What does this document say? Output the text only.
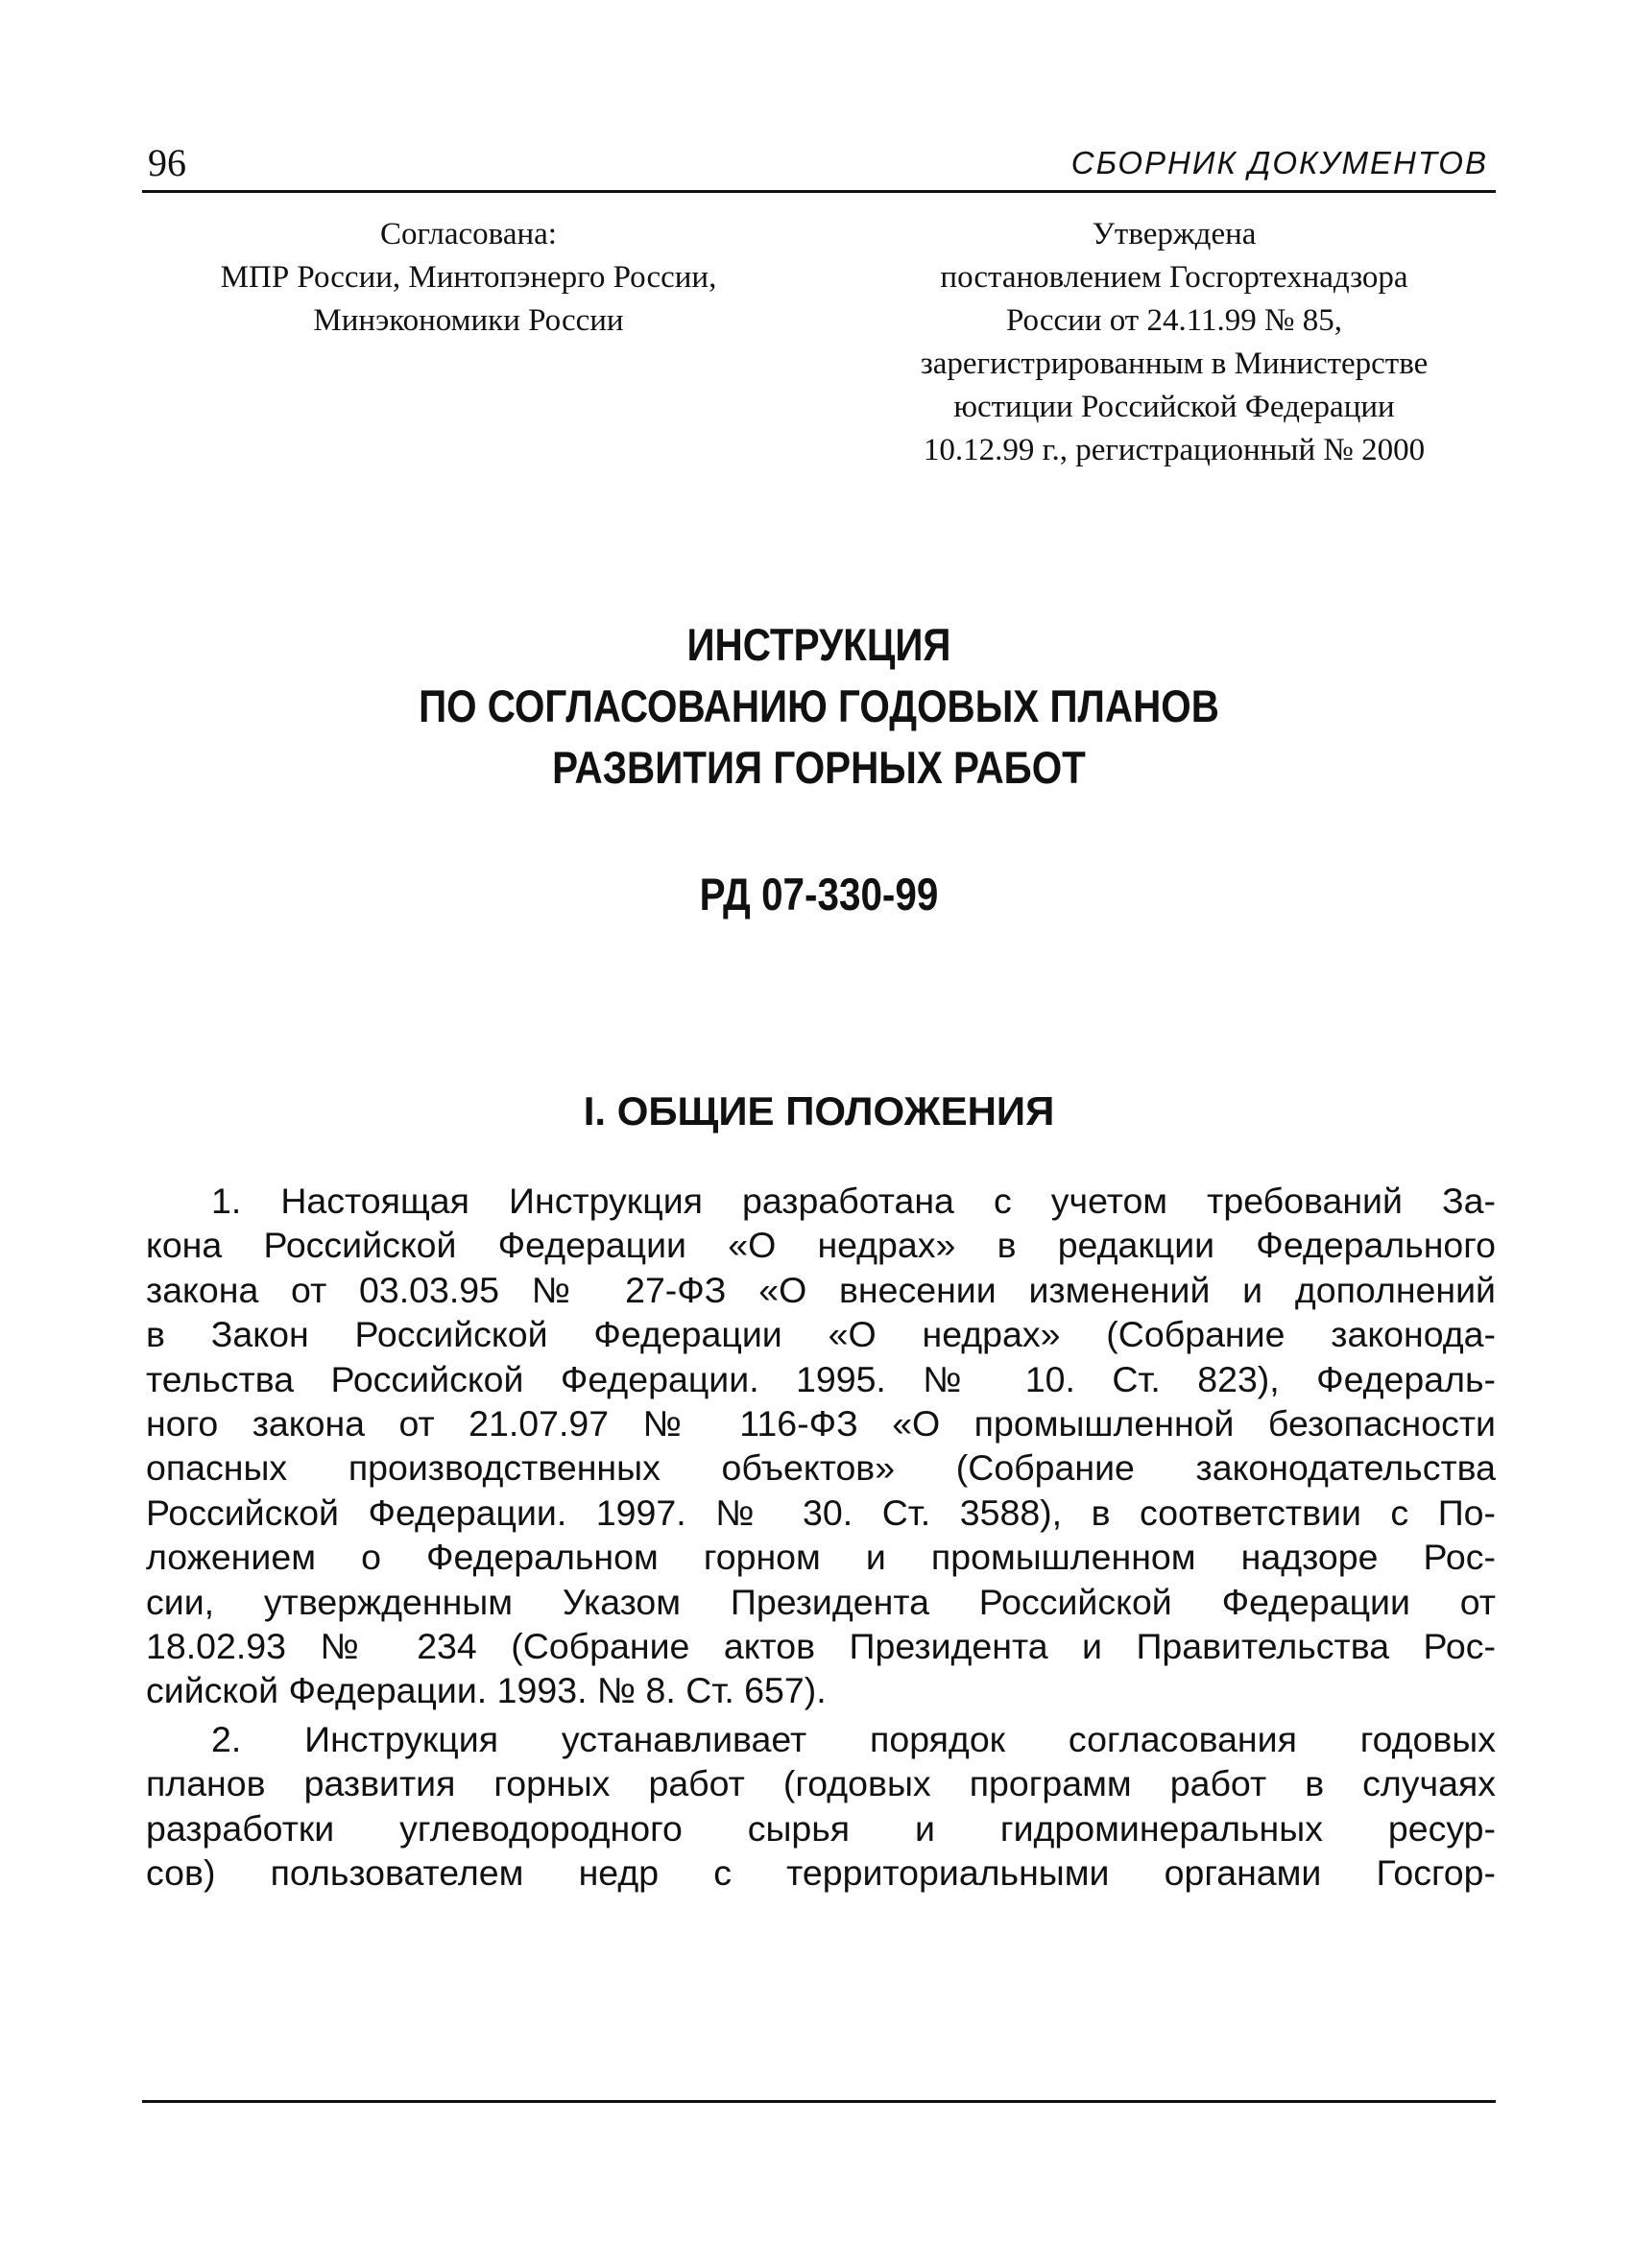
96	СБОРНИК ДОКУМЕНТОВ
Согласована:
МПР России, Минтопэнерго России,
Минэкономики России
Утверждена
постановлением Госгортехнадзора
России от 24.11.99 № 85,
зарегистрированным в Министерстве
юстиции Российской Федерации
10.12.99 г., регистрационный № 2000
ИНСТРУКЦИЯ
ПО СОГЛАСОВАНИЮ ГОДОВЫХ ПЛАНОВ
РАЗВИТИЯ ГОРНЫХ РАБОТ
РД 07-330-99
I. ОБЩИЕ ПОЛОЖЕНИЯ
1. Настоящая Инструкция разработана с учетом требований За-
кона Российской Федерации «О недрах» в редакции Федерального
закона от 03.03.95 № 27-ФЗ «О внесении изменений и дополнений
в Закон Российской Федерации «О недрах» (Собрание законода-
тельства Российской Федерации. 1995. № 10. Ст. 823), Федераль-
ного закона от 21.07.97 № 116-ФЗ «О промышленной безопасности
опасных производственных объектов» (Собрание законодательства
Российской Федерации. 1997. № 30. Ст. 3588), в соответствии с По-
ложением о Федеральном горном и промышленном надзоре Рос-
сии, утвержденным Указом Президента Российской Федерации от
18.02.93 № 234 (Собрание актов Президента и Правительства Рос-
сийской Федерации. 1993. № 8. Ст. 657).
2. Инструкция устанавливает порядок согласования годовых
планов развития горных работ (годовых программ работ в случаях
разработки углеводородного сырья и гидроминеральных ресур-
сов) пользователем недр с территориальными органами Госгор-
